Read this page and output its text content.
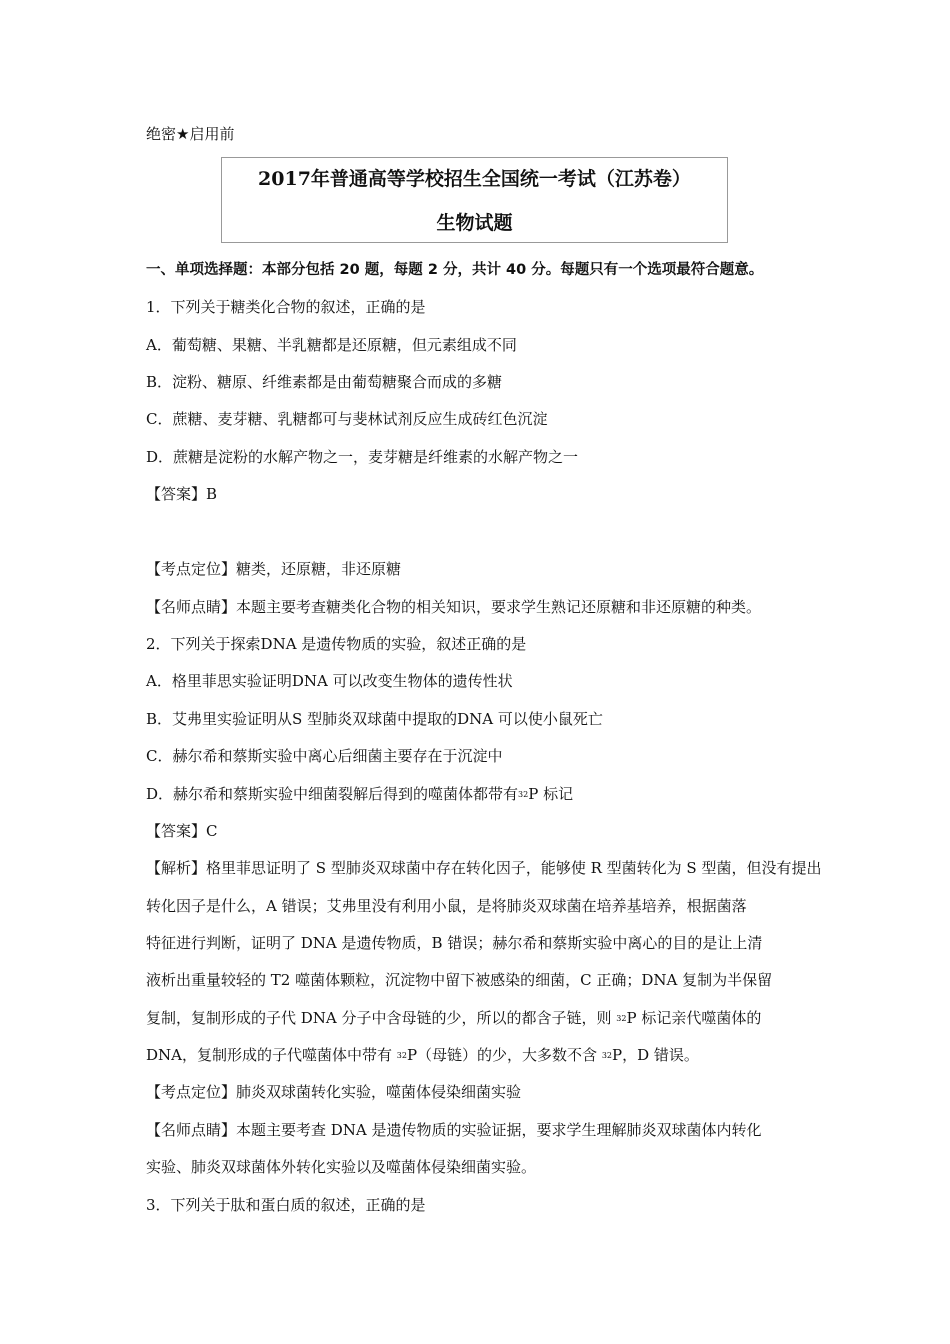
绝密★启用前
2017年普通高等学校招生全国统一考试（江苏卷）
生物试题
一、单项选择题：本部分包括 20 题，每题 2 分，共计 40 分。每题只有一个选项最符合题意。
1．下列关于糖类化合物的叙述，正确的是
A．葡萄糖、果糖、半乳糖都是还原糖，但元素组成不同
B．淀粉、糖原、纤维素都是由葡萄糖聚合而成的多糖
C．蔗糖、麦芽糖、乳糖都可与斐林试剂反应生成砖红色沉淀
D．蔗糖是淀粉的水解产物之一，麦芽糖是纤维素的水解产物之一
【答案】B
【考点定位】糖类，还原糖，非还原糖
【名师点睛】本题主要考查糖类化合物的相关知识，要求学生熟记还原糖和非还原糖的种类。
2．下列关于探索DNA 是遗传物质的实验，叙述正确的是
A．格里菲思实验证明DNA 可以改变生物体的遗传性状
B．艾弗里实验证明从S 型肺炎双球菌中提取的DNA 可以使小鼠死亡
C．赫尔希和蔡斯实验中离心后细菌主要存在于沉淀中
D．赫尔希和蔡斯实验中细菌裂解后得到的噬菌体都带有$^{32}$P 标记
【答案】C
【解析】格里菲思证明了 S 型肺炎双球菌中存在转化因子，能够使 R 型菌转化为 S 型菌，但没有提出
转化因子是什么，A 错误；艾弗里没有利用小鼠，是将肺炎双球菌在培养基培养，根据菌落
特征进行判断，证明了 DNA 是遗传物质，B 错误；赫尔希和蔡斯实验中离心的目的是让上清
液析出重量较轻的 T2 噬菌体颗粒，沉淀物中留下被感染的细菌，C 正确；DNA 复制为半保留
复制，复制形成的子代 DNA 分子中含母链的少，所以的都含子链，则 $^{32}$P 标记亲代噬菌体的
DNA，复制形成的子代噬菌体中带有 $^{32}$P（母链）的少，大多数不含 $^{32}$P，D 错误。
【考点定位】肺炎双球菌转化实验，噬菌体侵染细菌实验
【名师点睛】本题主要考查 DNA 是遗传物质的实验证据，要求学生理解肺炎双球菌体内转化
实验、肺炎双球菌体外转化实验以及噬菌体侵染细菌实验。
3．下列关于肽和蛋白质的叙述，正确的是
